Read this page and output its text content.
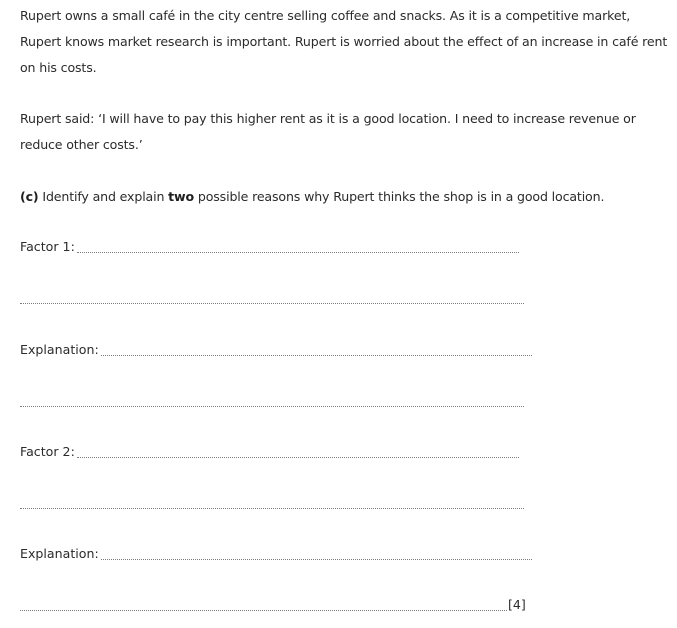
Rupert owns a small café in the city centre selling coffee and snacks. As it is a competitive market, Rupert knows market research is important. Rupert is worried about the effect of an increase in café rent on his costs.

Rupert said: ‘I will have to pay this higher rent as it is a good location. I need to increase revenue or reduce other costs.’

(c) Identify and explain two possible reasons why Rupert thinks the shop is in a good location.

Factor 1:
Explanation:
Factor 2:
Explanation:
[4]
